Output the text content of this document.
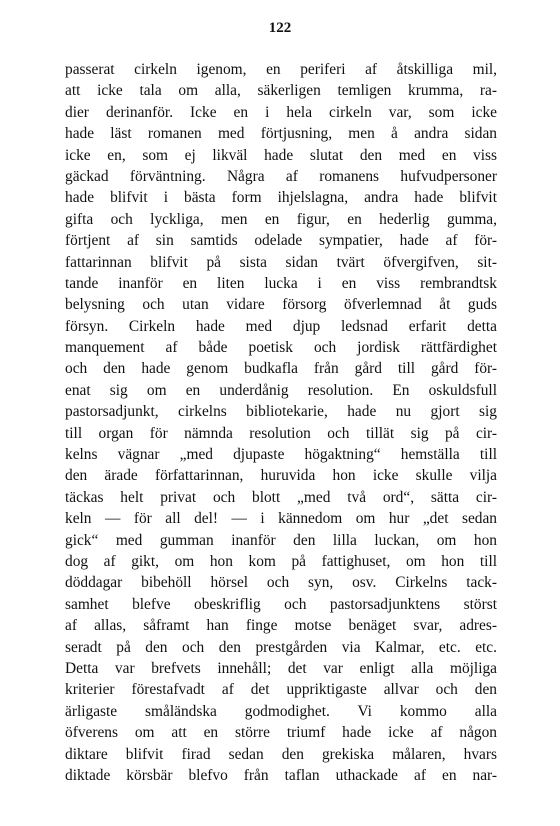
122
passerat cirkeln igenom, en periferi af åtskilliga mil,
att icke tala om alla, säkerligen temligen krumma, ra-
dier derinanför. Icke en i hela cirkeln var, som icke
hade läst romanen med förtjusning, men å andra sidan
icke en, som ej likväl hade slutat den med en viss
gäckad förväntning. Några af romanens hufvudpersoner
hade blifvit i bästa form ihjelslagna, andra hade blifvit
gifta och lyckliga, men en figur, en hederlig gumma,
förtjent af sin samtids odelade sympatier, hade af för-
fattarinnan blifvit på sista sidan tvärt öfvergifven, sit-
tande inanför en liten lucka i en viss rembrandtsk
belysning och utan vidare försorg öfverlemnad åt guds
försyn. Cirkeln hade med djup ledsnad erfarit detta
manquement af både poetisk och jordisk rättfärdighet
och den hade genom budkafla från gård till gård för-
enat sig om en underdånig resolution. En oskuldsfull
pastorsadjunkt, cirkelns bibliotekarie, hade nu gjort sig
till organ för nämnda resolution och tillät sig på cir-
kelns vägnar „med djupaste högaktning“ hemställa till
den ärade författarinnan, huruvida hon icke skulle vilja
täckas helt privat och blott „med två ord“, sätta cir-
keln — för all del! — i kännedom om hur „det sedan
gick“ med gumman inanför den lilla luckan, om hon
dog af gikt, om hon kom på fattighuset, om hon till
döddagar bibehöll hörsel och syn, osv. Cirkelns tack-
samhet blefve obeskriflig och pastorsadjunktens störst
af allas, såframt han finge motse benäget svar, adres-
seradt på den och den prestgården via Kalmar, etc. etc.
Detta var brefvets innehåll; det var enligt alla möjliga
kriterier förestafvadt af det uppriktigaste allvar och den
ärligaste småländska godmodighet. Vi kommo alla
öfverens om att en större triumf hade icke af någon
diktare blifvit firad sedan den grekiska målaren, hvars
diktade körsbär blefvo från taflan uthackade af en nar-
